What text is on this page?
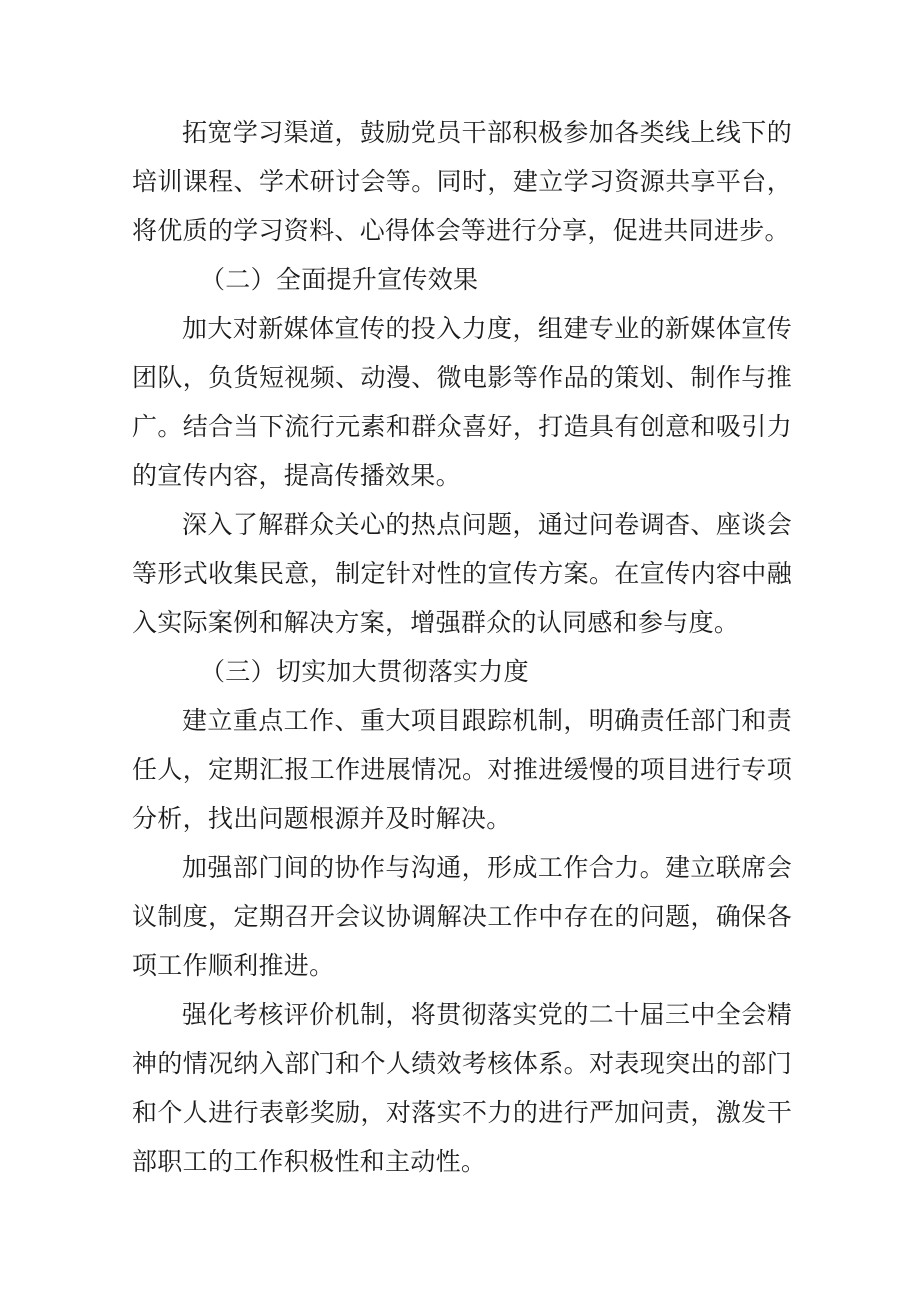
拓宽学习渠道，鼓励党员干部积极参加各类线上线下的培训课程、学术研讨会等。同时，建立学习资源共享平台，将优质的学习资料、心得体会等进行分享，促进共同进步。

（二）全面提升宣传效果

加大对新媒体宣传的投入力度，组建专业的新媒体宣传团队，负货短视频、动漫、微电影等作品的策划、制作与推广。结合当下流行元素和群众喜好，打造具有创意和吸引力的宣传内容，提高传播效果。

深入了解群众关心的热点问题，通过问卷调杳、座谈会等形式收集民意，制定针对性的宣传方案。在宣传内容中融入实际案例和解决方案，增强群众的认同感和参与度。

（三）切实加大贯彻落实力度

建立重点工作、重大项目跟踪机制，明确责任部门和责任人，定期汇报工作进展情况。对推进缓慢的项目进行专项分析，找出问题根源并及时解决。

加强部门间的协作与沟通，形成工作合力。建立联席会议制度，定期召开会议协调解决工作中存在的问题，确保各项工作顺利推进。

强化考核评价机制，将贯彻落实党的二十届三中全会精神的情况纳入部门和个人绩效考核体系。对表现突出的部门和个人进行表彰奖励，对落实不力的进行严加问责，激发干部职工的工作积极性和主动性。
